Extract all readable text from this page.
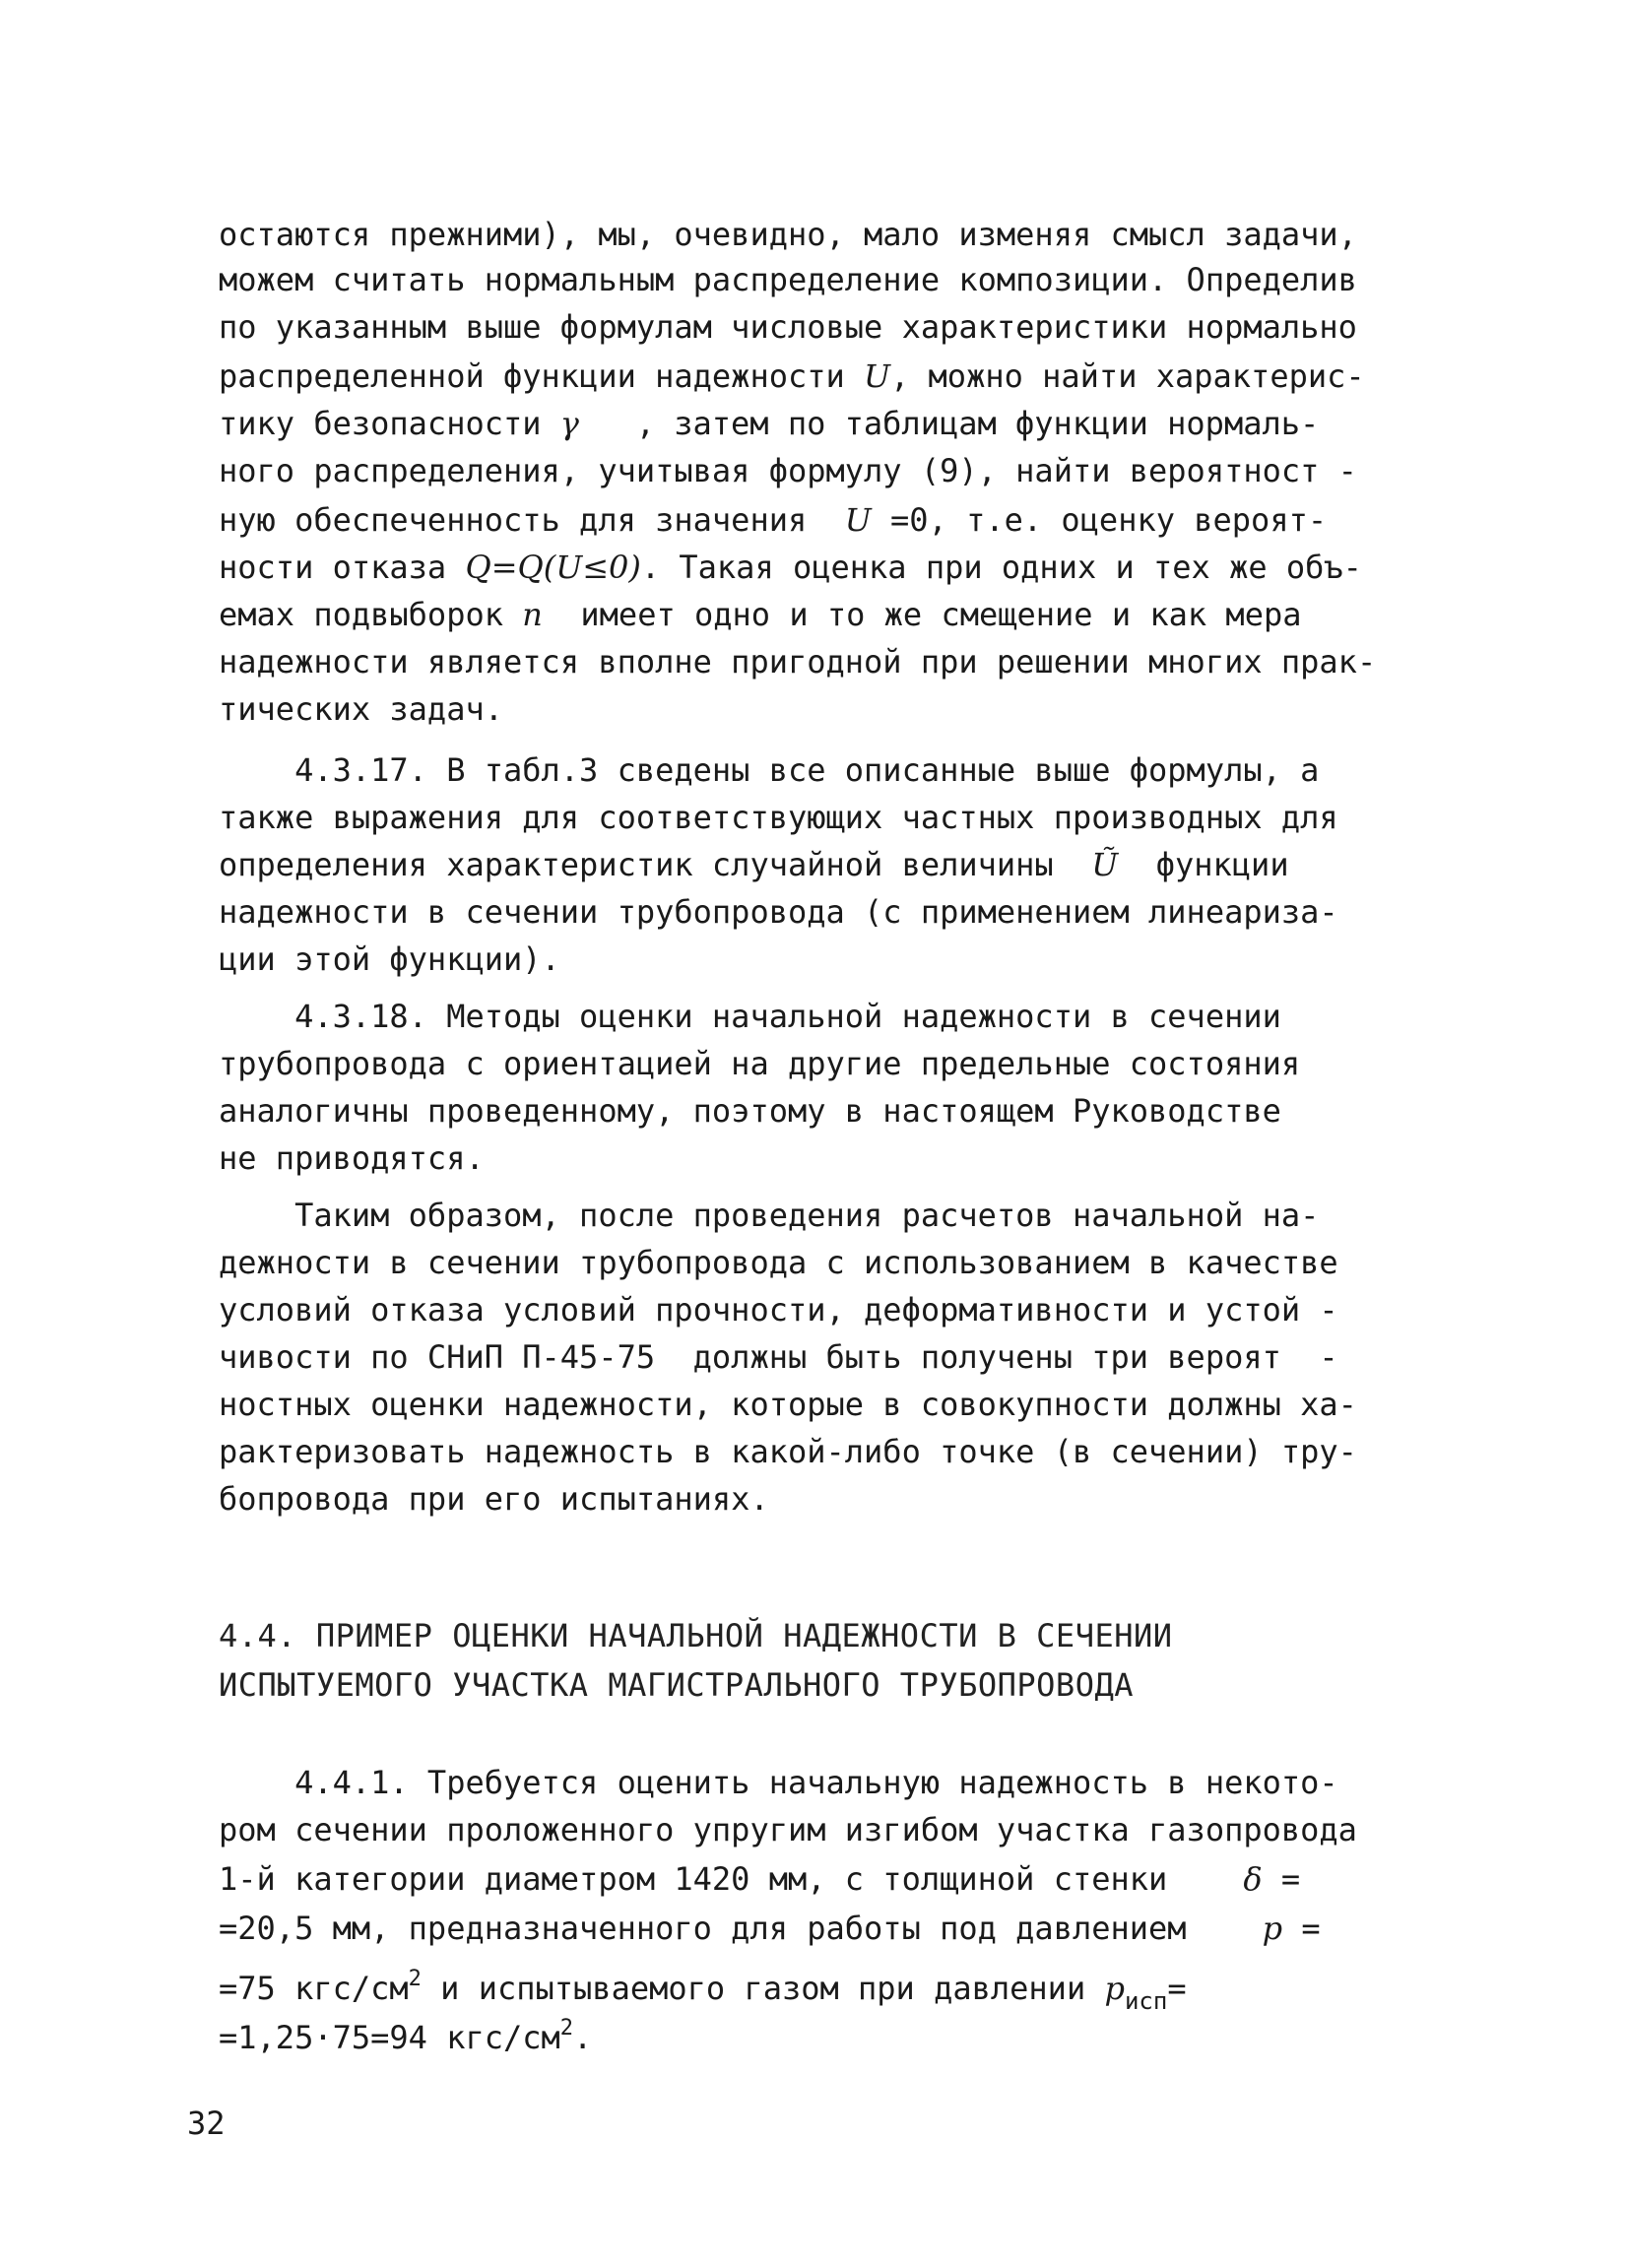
остаются прежними), мы, очевидно, мало изменяя смысл задачи,
можем считать нормальным распределение композиции. Определив
по указанным выше формулам числовые характеристики нормально
распределенной функции надежности U, можно найти характерис-
тику безопасности γ   , затем по таблицам функции нормаль-
ного распределения, учитывая формулу (9), найти вероятност -
ную обеспеченность для значения  U =0, т.е. оценку вероят-
ности отказа Q=Q(U≤0). Такая оценка при одних и тех же объ-
емах подвыборок n  имеет одно и то же смещение и как мера
надежности является вполне пригодной при решении многих прак-
тических задач.
4.3.17. В табл.3 сведены все описанные выше формулы, а
также выражения для соответствующих частных производных для
определения характеристик случайной величины  Ũ  функции
надежности в сечении трубопровода (с применением линеариза-
ции этой функции).
4.3.18. Методы оценки начальной надежности в сечении
трубопровода с ориентацией на другие предельные состояния
аналогичны проведенному, поэтому в настоящем Руководстве
не приводятся.
Таким образом, после проведения расчетов начальной на-
дежности в сечении трубопровода с использованием в качестве
условий отказа условий прочности, деформативности и устой -
чивости по СНиП П-45-75  должны быть получены три вероят  -
ностных оценки надежности, которые в совокупности должны ха-
рактеризовать надежность в какой-либо точке (в сечении) тру-
бопровода при его испытаниях.
4.4. ПРИМЕР ОЦЕНКИ НАЧАЛЬНОЙ НАДЕЖНОСТИ В СЕЧЕНИИ
ИСПЫТУЕМОГО УЧАСТКА МАГИСТРАЛЬНОГО ТРУБОПРОВОДА
4.4.1. Требуется оценить начальную надежность в некото-
ром сечении проложенного упругим изгибом участка газопровода
1-й категории диаметром 1420 мм, с толщиной стенки    δ =
=20,5 мм, предназначенного для работы под давлением    p =
=75 кгс/$см^2$ и испытываемого газом при давлении $p_{исп}=$
=1,25·75=94 кгс/$см^2$.
32
